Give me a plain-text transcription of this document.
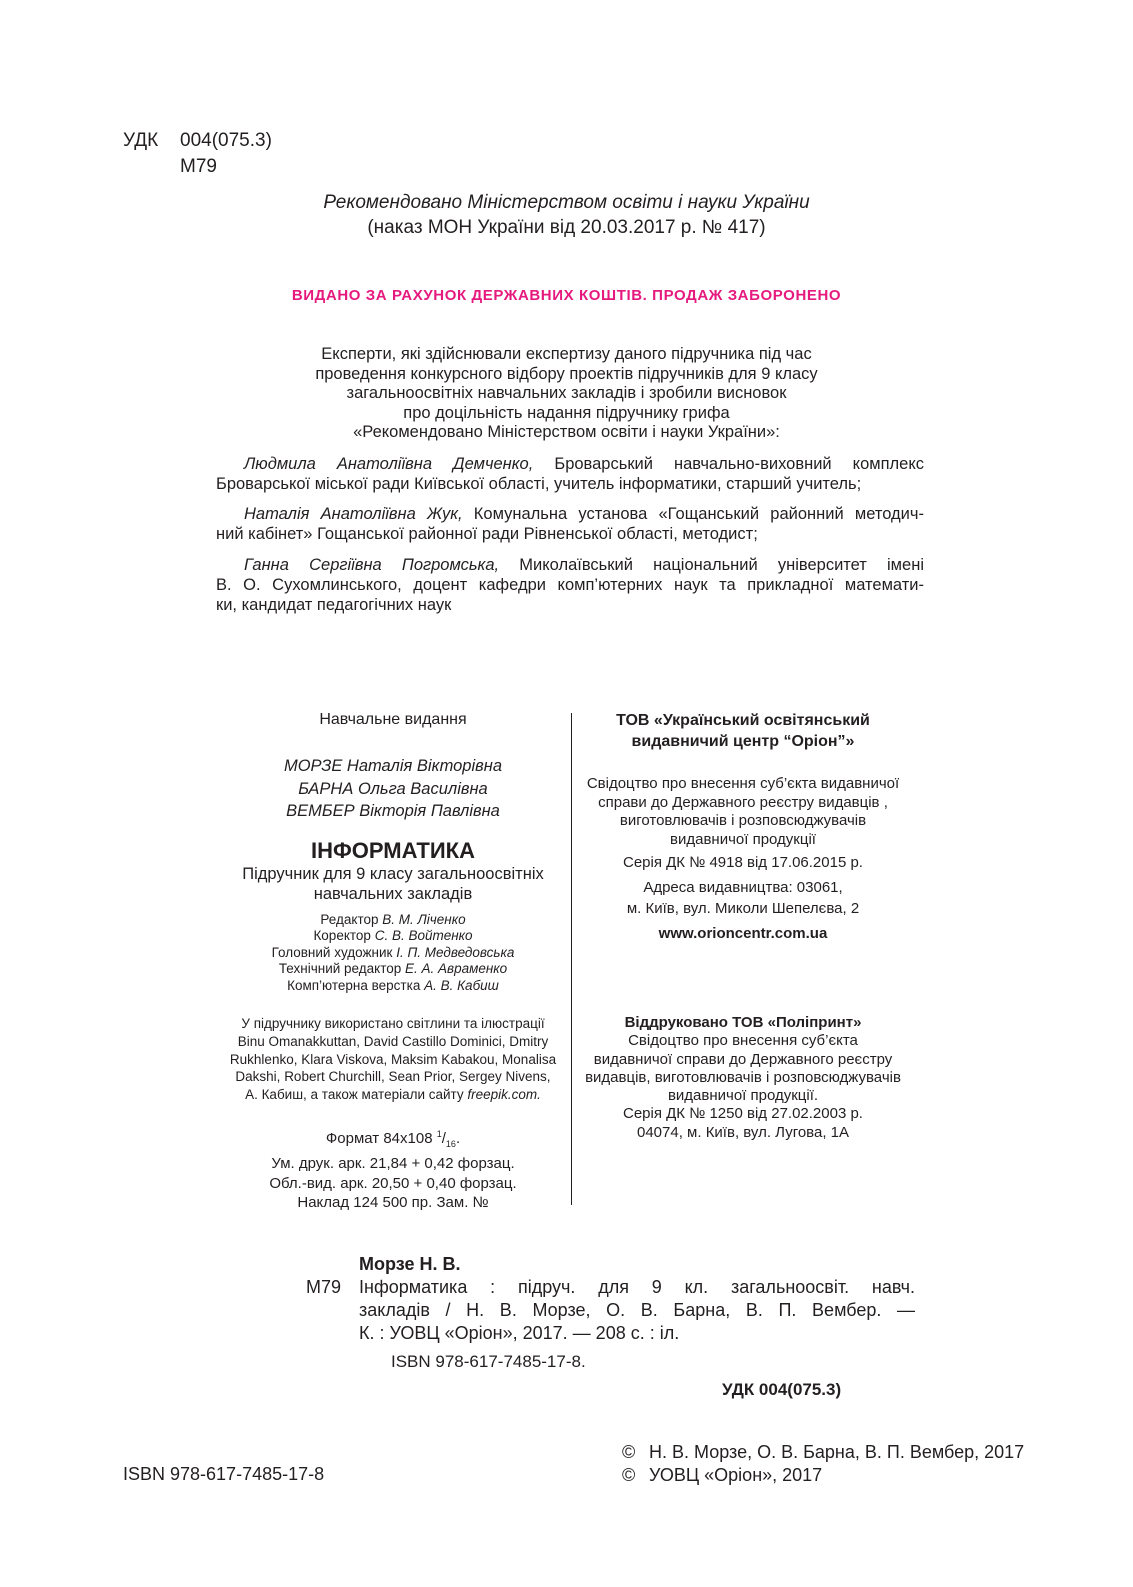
УДК	004(075.3)
М79
Рекомендовано Міністерством освіти і науки України
(наказ МОН України від 20.03.2017 р. № 417)
ВИДАНО ЗА РАХУНОК ДЕРЖАВНИХ КОШТІВ. ПРОДАЖ ЗАБОРОНЕНО
Експерти, які здійснювали експертизу даного підручника під час
проведення конкурсного відбору проектів підручників для 9 класу
загальноосвітніх навчальних закладів і зробили висновок
про доцільність надання підручнику грифа
«Рекомендовано Міністерством освіти і науки України»:
Людмила Анатоліївна Демченко, Броварський навчально-виховний комплекс
Броварської міської ради Київської області, учитель інформатики, старший учитель;
Наталія Анатоліївна Жук, Комунальна установа «Гощанський районний методич-
ний кабінет» Гощанської районної ради Рівненської області, методист;
Ганна Сергіївна Погромська, Миколаївський національний університет імені
В. О. Сухомлинського, доцент кафедри комп’ютерних наук та прикладної математи-
ки, кандидат педагогічних наук
Навчальне видання
МОРЗЕ Наталія Вікторівна
БАРНА Ольга Василівна
ВЕМБЕР Вікторія Павлівна
ІНФОРМАТИКА
Підручник для 9 класу загальноосвітніх
навчальних закладів
Редактор В. М. Ліченко
Коректор С. В. Войтенко
Головний художник І. П. Медведовська
Технічний редактор Е. А. Авраменко
Комп’ютерна верстка А. В. Кабиш
У підручнику використано світлини та ілюстрації
Binu Omanakkuttan, David Castillo Dominici, Dmitry
Rukhlenko, Klara Viskova, Maksim Kabakou, Monalisa
Dakshi, Robert Churchill, Sean Prior, Sergey Nivens,
А. Кабиш, а також матеріали сайту freepik.com.
Формат 84х108 $^1/_{16}$.
Ум. друк. арк. 21,84 + 0,42 форзац.
Обл.-вид. арк. 20,50 + 0,40 форзац.
Наклад 124 500 пр. Зам. №
ТОВ «Український освітянський
видавничий центр “Оріон”»
Свідоцтво про внесення суб’єкта видавничої
справи до Державного реєстру видавців ,
виготовлювачів і розповсюджувачів
видавничої продукції
Серія ДК № 4918 від 17.06.2015 р.
Адреса видавництва: 03061,
м. Київ, вул. Миколи Шепелєва, 2
www.orioncentr.com.ua
Віддруковано ТОВ «Поліпринт»
Свідоцтво про внесення суб’єкта
видавничої справи до Державного реєстру
видавців, виготовлювачів і розповсюджувачів
видавничої продукції.
Серія ДК № 1250 від 27.02.2003 р.
04074, м. Київ, вул. Лугова, 1А
Морзе Н. В.
М79 Інформатика : підруч. для 9 кл. загальноосвіт. навч.
закладів / Н. В. Морзе, О. В. Барна, В. П. Вембер. —
К. : УОВЦ «Оріон», 2017. — 208 с. : іл.
ISBN 978-617-7485-17-8.
УДК 004(075.3)
© Н. В. Морзе, О. В. Барна, В. П. Вембер, 2017
© УОВЦ «Оріон», 2017
ISBN 978-617-7485-17-8
